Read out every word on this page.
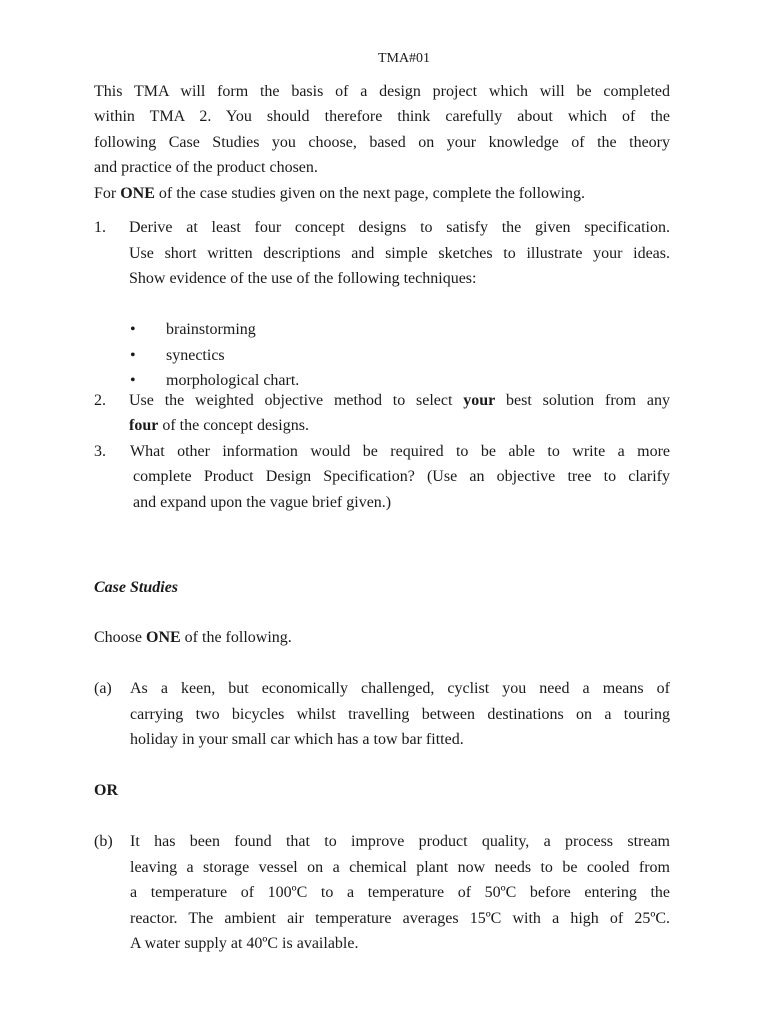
TMA#01
This TMA will form the basis of a design project which will be completed
within TMA 2. You should therefore think carefully about which of the
following Case Studies you choose, based on your knowledge of the theory
and practice of the product chosen.
For ONE of the case studies given on the next page, complete the following.
1. Derive at least four concept designs to satisfy the given specification.
Use short written descriptions and simple sketches to illustrate your ideas.
Show evidence of the use of the following techniques:
• brainstorming
• synectics
• morphological chart.
2. Use the weighted objective method to select your best solution from any
four of the concept designs.
3. What other information would be required to be able to write a more
complete Product Design Specification? (Use an objective tree to clarify
and expand upon the vague brief given.)
Case Studies
Choose ONE of the following.
(a) As a keen, but economically challenged, cyclist you need a means of
carrying two bicycles whilst travelling between destinations on a touring
holiday in your small car which has a tow bar fitted.
OR
(b) It has been found that to improve product quality, a process stream
leaving a storage vessel on a chemical plant now needs to be cooled from
a temperature of 100ºC to a temperature of 50ºC before entering the
reactor. The ambient air temperature averages 15ºC with a high of 25ºC.
A water supply at 40ºC is available.
